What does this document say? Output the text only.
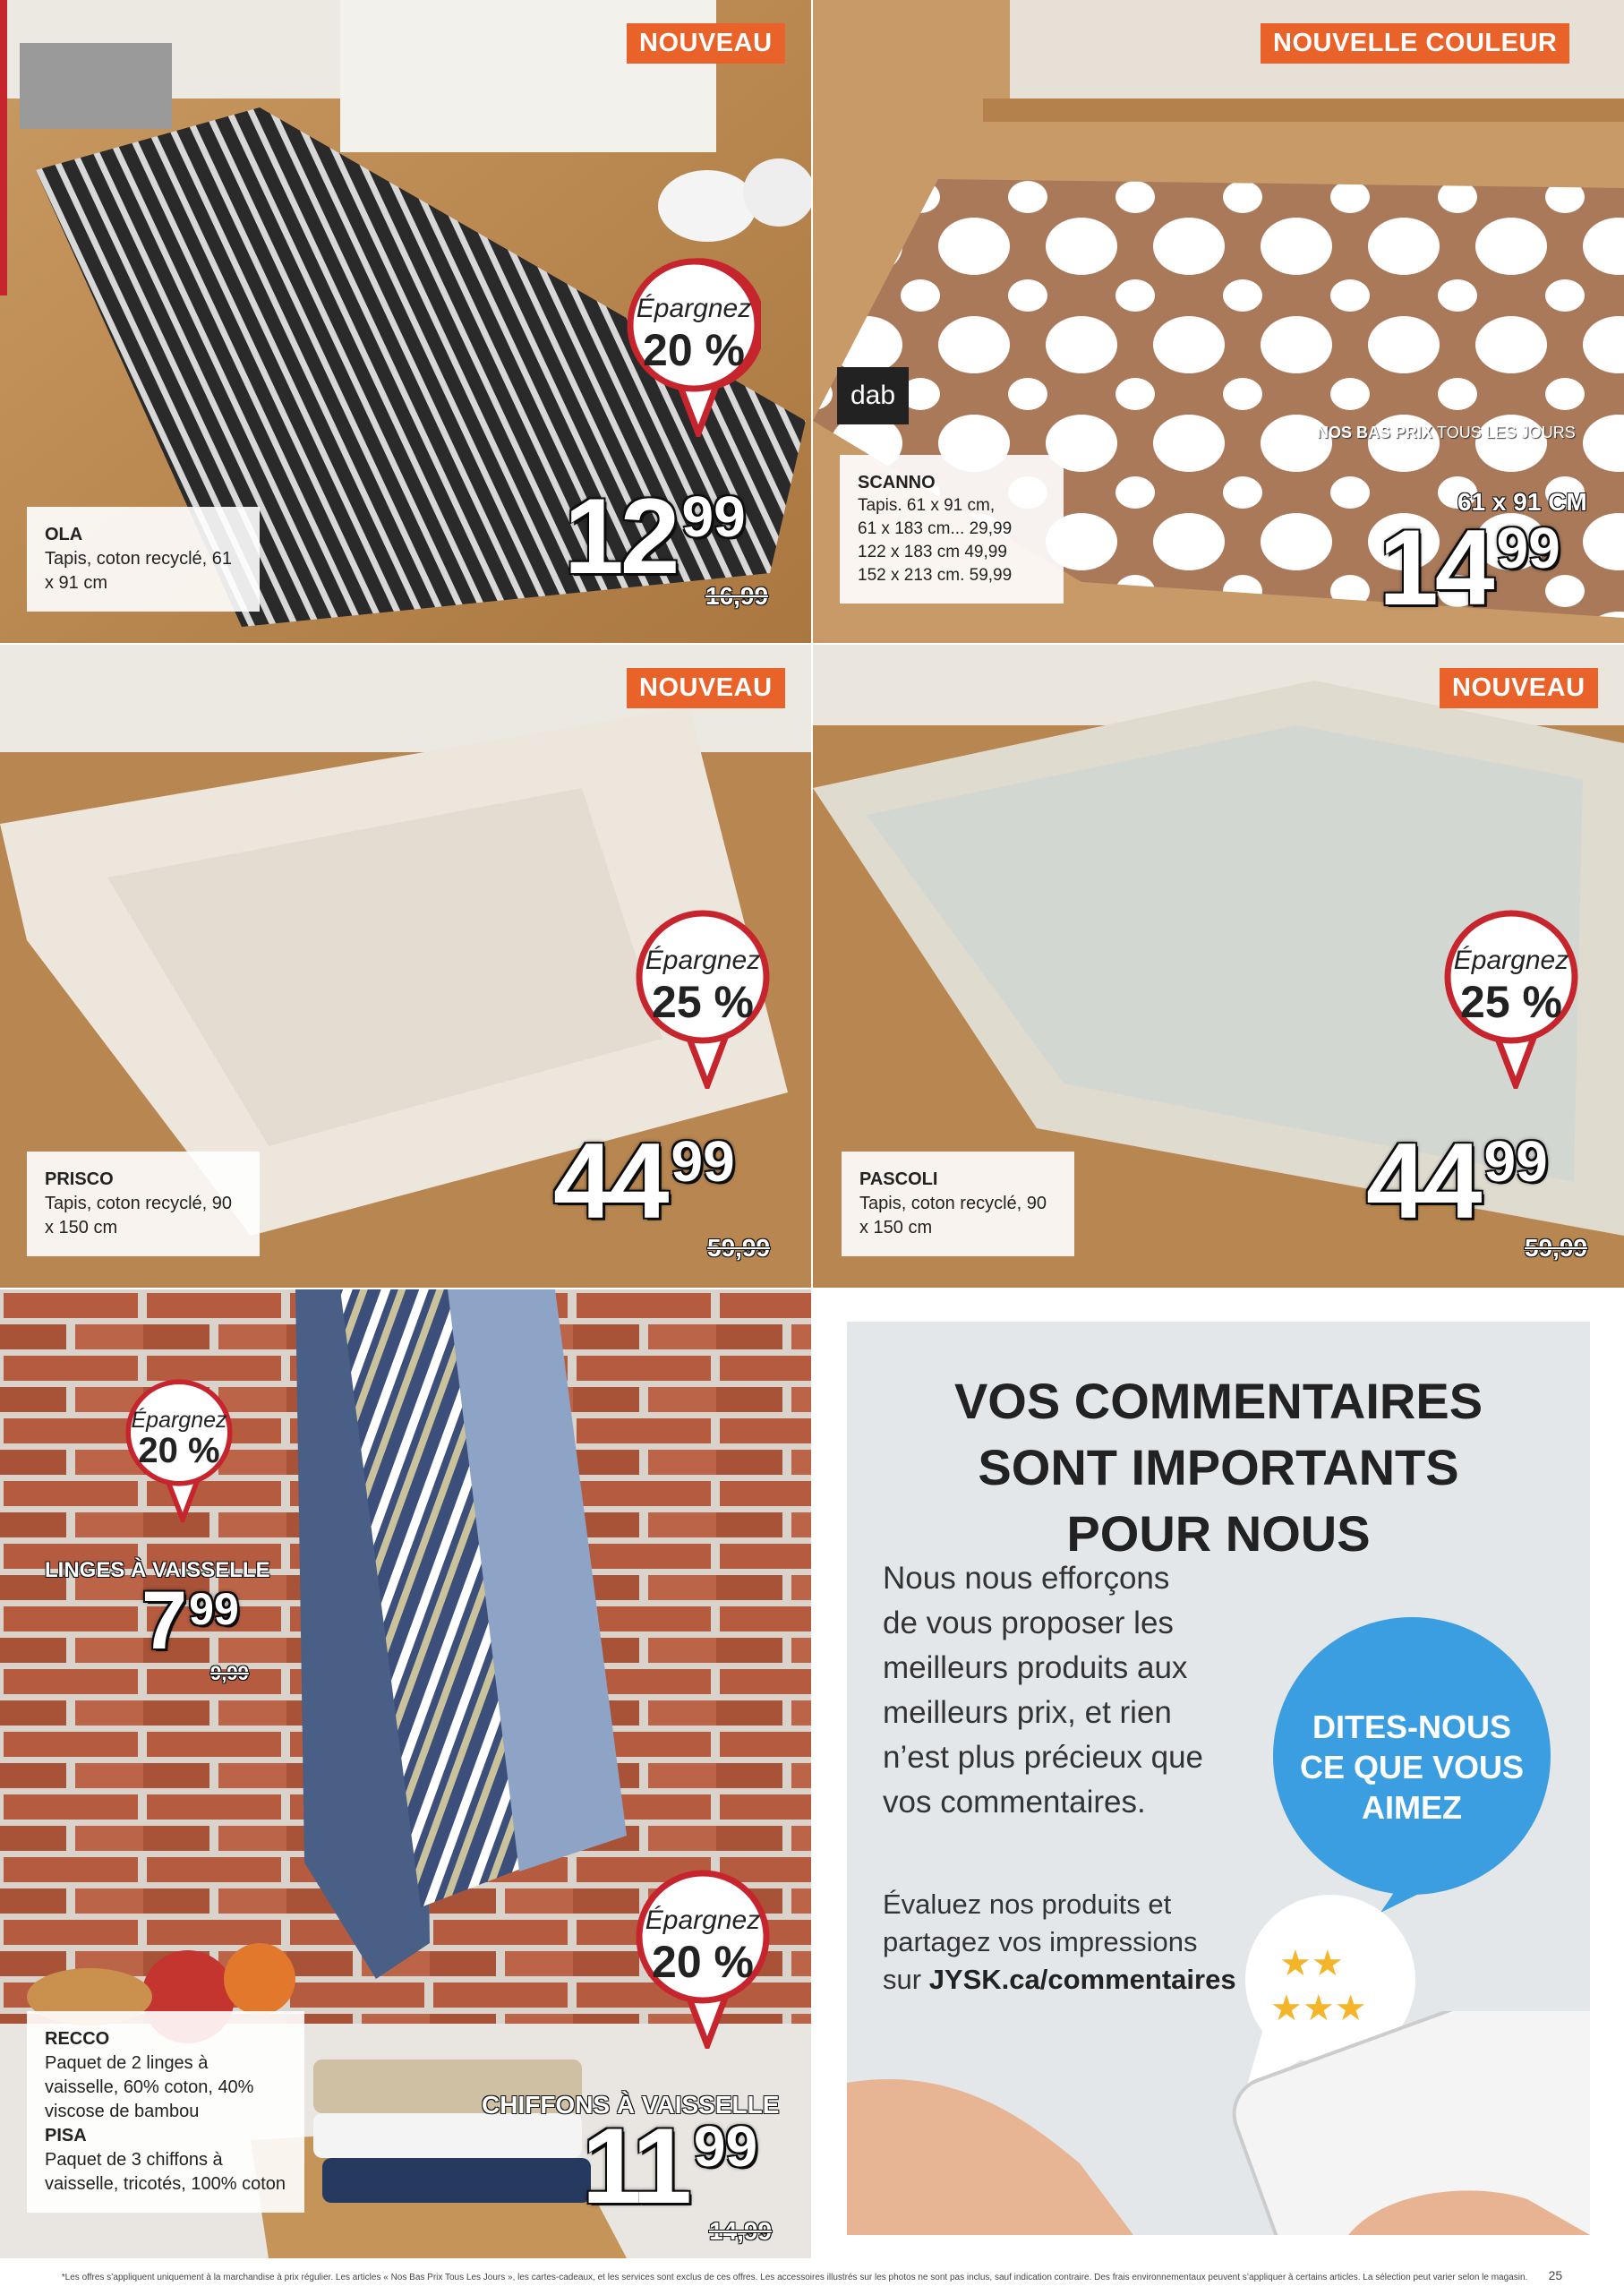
NOUVEAU
Épargnez
20 %
OLA
Tapis, coton recyclé, 61 x 91 cm	1299
16,99
NOUVELLE COULEUR
dab
NOS BAS PRIX TOUS LES JOURS
SCANNO
Tapis. 61 x 91 cm,
61 x 183 cm... 29,99
122 x 183 cm 49,99
152 x 213 cm. 59,99
61 x 91 CM
1499
NOUVEAU
Épargnez
25 %
PRISCO
Tapis, coton recyclé, 90 x 150 cm	4499
59,99
NOUVEAU
Épargnez
25 %
PASCOLI
Tapis, coton recyclé, 90 x 150 cm	4499
59,99
Épargnez
20 %
LINGES À VAISSELLE
7 99
9,99
Épargnez
20 %
RECCO
Paquet de 2 linges à vaisselle, 60% coton, 40% viscose de bambou
PISA
Paquet de 3 chiffons à vaisselle, tricotés, 100% coton
CHIFFONS À VAISSELLE
1199
14,99
VOS COMMENTAIRES
SONT IMPORTANTS
POUR NOUS
Nous nous efforçons
de vous proposer les
meilleurs produits aux
meilleurs prix, et rien
n’est plus précieux que
vos commentaires.
Évaluez nos produits et
partagez vos impressions
sur JYSK.ca/commentaires
DITES-NOUS
CE QUE VOUS
AIMEZ
★★
★★★
*Les offres s’appliquent uniquement à la marchandise à prix régulier. Les articles « Nos Bas Prix Tous Les Jours », les cartes-cadeaux, et les services sont exclus de ces offres. Les accessoires illustrés sur les photos ne sont pas inclus, sauf indication contraire. Des frais environnementaux peuvent s’appliquer à certains articles. La sélection peut varier selon le magasin. 25
